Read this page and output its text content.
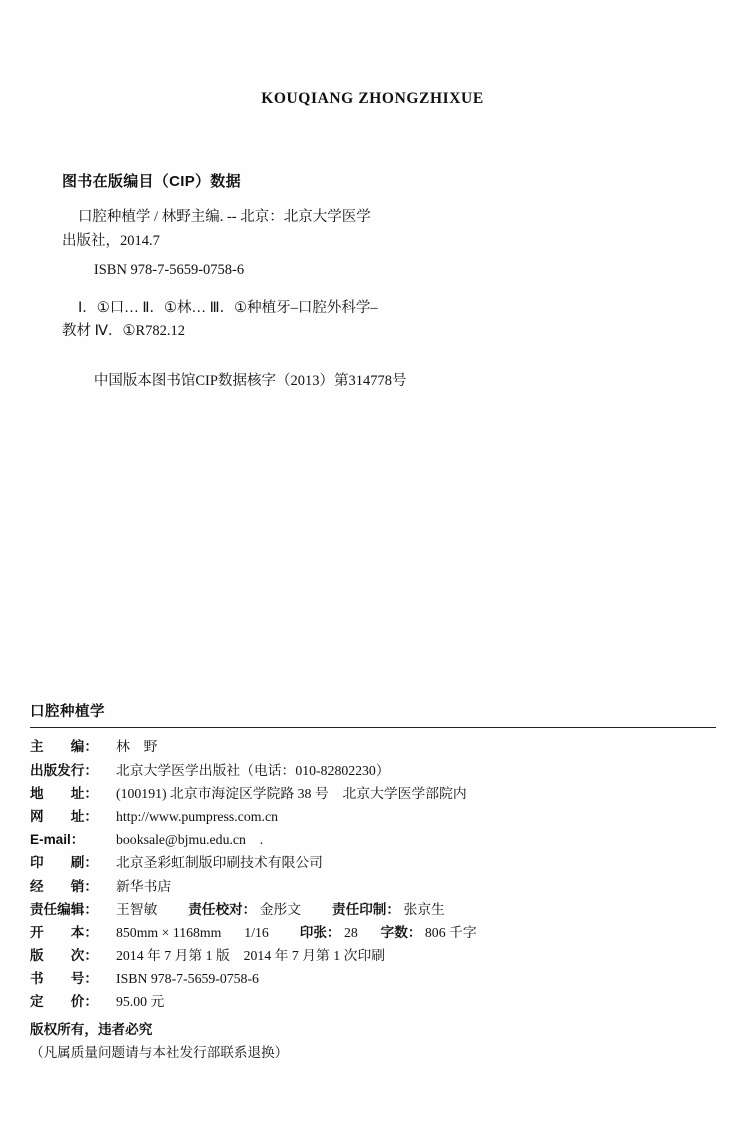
KOUQIANG ZHONGZHIXUE
图书在版编目（CIP）数据
口腔种植学 / 林野主编. -- 北京：北京大学医学
出版社，2014.7
ISBN 978-7-5659-0758-6
Ⅰ．①口… Ⅱ．①林… Ⅲ．①种植牙–口腔外科学–
教材 Ⅳ．①R782.12
中国版本图书馆CIP数据核字（2013）第314778号
口腔种植学
主　　编：	林　野
出版发行：	北京大学医学出版社（电话：010-82802230）
地　　址：	(100191) 北京市海淀区学院路 38 号　北京大学医学部院内
网　　址：	http://www.pumpress.com.cn
E-mail：	booksale@bjmu.edu.cn　.
印　　刷：	北京圣彩虹制版印刷技术有限公司
经　　销：	新华书店
责任编辑：	王智敏 责任校对： 金彤文 责任印制： 张京生
开　　本：	850mm × 1168mm 1/16 印张： 28 字数： 806 千字
版　　次：	2014 年 7 月第 1 版　2014 年 7 月第 1 次印刷
书　　号：	ISBN 978-7-5659-0758-6
定　　价：	95.00 元
版权所有，违者必究
（凡属质量问题请与本社发行部联系退换）
